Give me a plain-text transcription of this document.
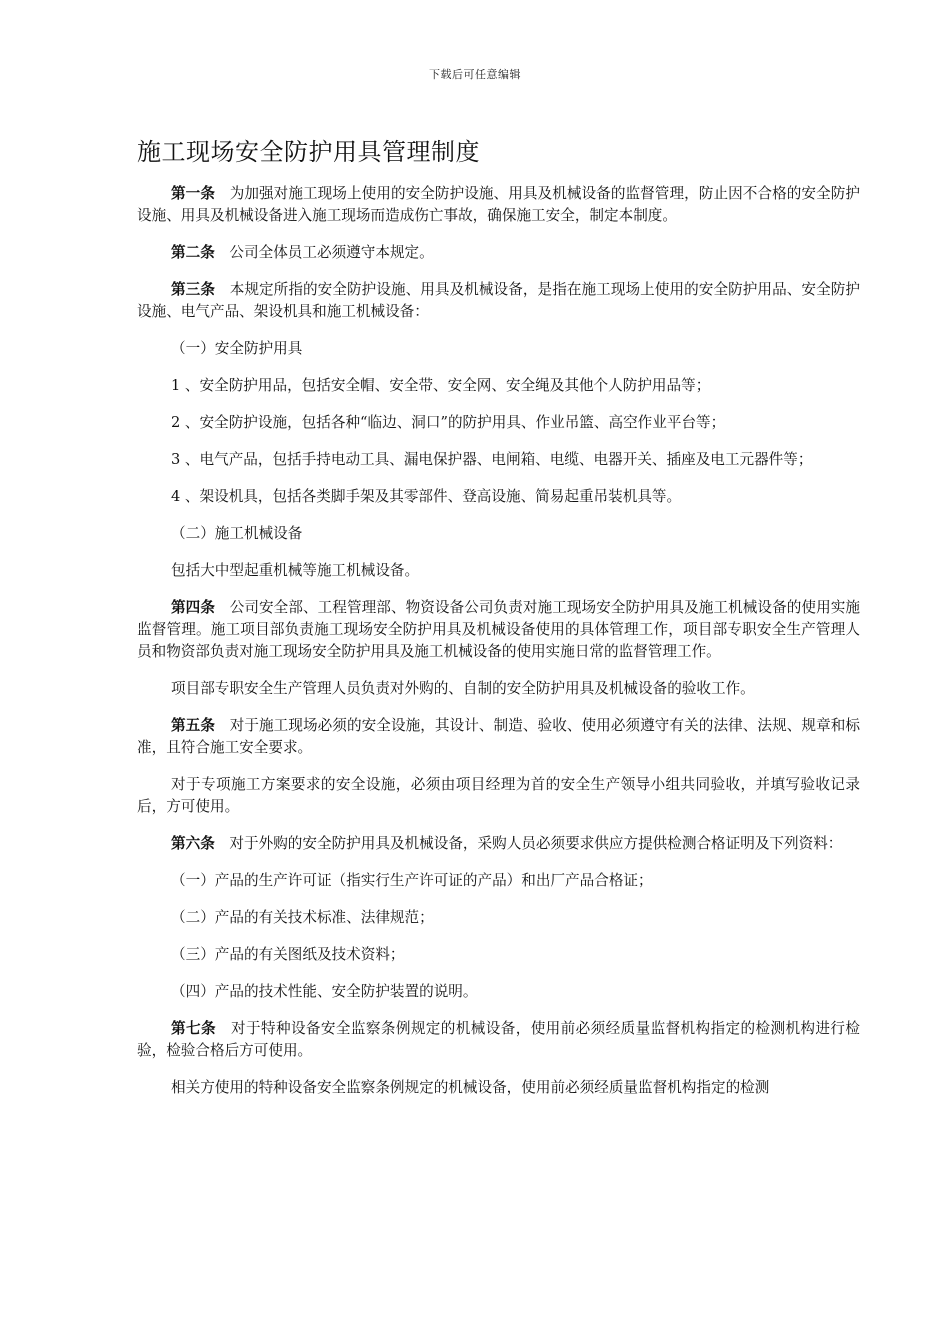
下载后可任意编辑
施工现场安全防护用具管理制度

第一条 为加强对施工现场上使用的安全防护设施、用具及机械设备的监督管理，防止因不合格的安全防护设施、用具及机械设备进入施工现场而造成伤亡事故，确保施工安全，制定本制度。

第二条 公司全体员工必须遵守本规定。

第三条 本规定所指的安全防护设施、用具及机械设备，是指在施工现场上使用的安全防护用品、安全防护设施、电气产品、架设机具和施工机械设备：

（一）安全防护用具

1 、安全防护用品，包括安全帽、安全带、安全网、安全绳及其他个人防护用品等；

2 、安全防护设施，包括各种“临边、洞口”的防护用具、作业吊篮、高空作业平台等；

3 、电气产品，包括手持电动工具、漏电保护器、电闸箱、电缆、电器开关、插座及电工元器件等；

4 、架设机具，包括各类脚手架及其零部件、登高设施、简易起重吊装机具等。

（二）施工机械设备

包括大中型起重机械等施工机械设备。

第四条 公司安全部、工程管理部、物资设备公司负责对施工现场安全防护用具及施工机械设备的使用实施监督管理。施工项目部负责施工现场安全防护用具及机械设备使用的具体管理工作，项目部专职安全生产管理人员和物资部负责对施工现场安全防护用具及施工机械设备的使用实施日常的监督管理工作。

项目部专职安全生产管理人员负责对外购的、自制的安全防护用具及机械设备的验收工作。

第五条 对于施工现场必须的安全设施，其设计、制造、验收、使用必须遵守有关的法律、法规、规章和标准，且符合施工安全要求。

对于专项施工方案要求的安全设施，必须由项目经理为首的安全生产领导小组共同验收，并填写验收记录后，方可使用。

第六条 对于外购的安全防护用具及机械设备，采购人员必须要求供应方提供检测合格证明及下列资料：

（一）产品的生产许可证（指实行生产许可证的产品）和出厂产品合格证；

（二）产品的有关技术标准、法律规范；

（三）产品的有关图纸及技术资料；

（四）产品的技术性能、安全防护装置的说明。

第七条 对于特种设备安全监察条例规定的机械设备，使用前必须经质量监督机构指定的检测机构进行检验，检验合格后方可使用。

相关方使用的特种设备安全监察条例规定的机械设备，使用前必须经质量监督机构指定的检测
